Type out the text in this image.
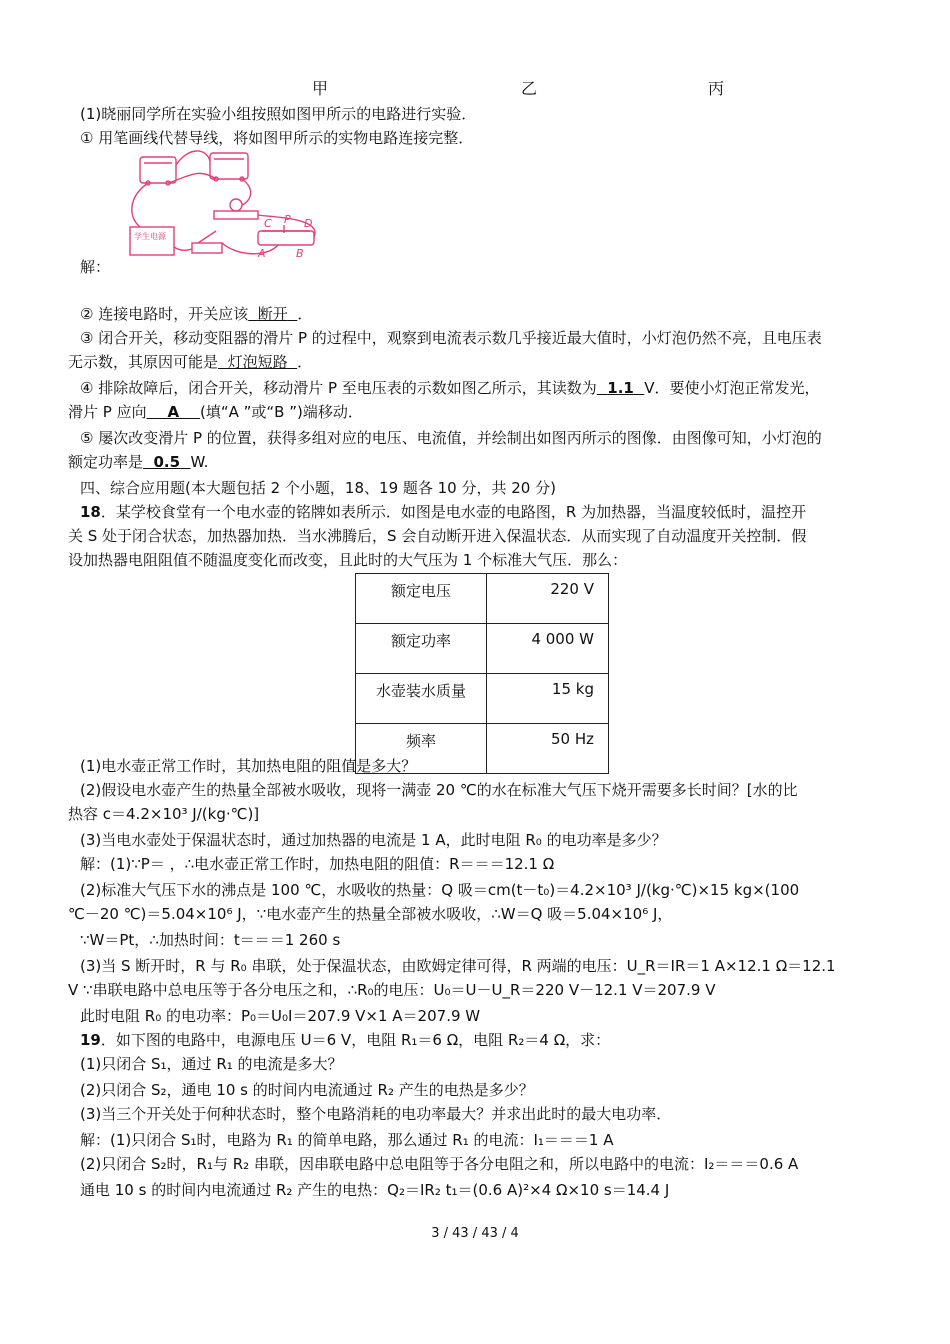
甲	乙	丙
(1)晓丽同学所在实验小组按照如图甲所示的电路进行实验．
① 用笔画线代替导线，将如图甲所示的实物电路连接完整．
C P D
A	B
学生电源
解：
② 连接电路时，开关应该 断开 ．
③ 闭合开关，移动变阻器的滑片 P 的过程中，观察到电流表示数几乎接近最大值时，小灯泡仍然不亮，且电压表
无示数，其原因可能是 灯泡短路 ．
④ 排除故障后，闭合开关，移动滑片 P 至电压表的示数如图乙所示，其读数为 1.1 V．要使小灯泡正常发光，
滑片 P 应向 A (填“A ”或“B ”)端移动．
⑤ 屡次改变滑片 P 的位置，获得多组对应的电压、电流值，并绘制出如图丙所示的图像．由图像可知，小灯泡的
额定功率是 0.5 W.
四、综合应用题(本大题包括 2 个小题，18、19 题各 10 分，共 20 分)
18．某学校食堂有一个电水壶的铭牌如表所示．如图是电水壶的电路图，R 为加热器，当温度较低时，温控开
关 S 处于闭合状态，加热器加热．当水沸腾后，S 会自动断开进入保温状态．从而实现了自动温度开关控制．假
设加热器电阻阻值不随温度变化而改变，且此时的大气压为 1 个标准大气压．那么：
额定电压	220 V
额定功率	4 000 W
水壶装水质量	15 kg
频率	50 Hz
(1)电水壶正常工作时，其加热电阻的阻值是多大？
(2)假设电水壶产生的热量全部被水吸收，现将一满壶 20 ℃的水在标准大气压下烧开需要多长时间？[水的比
热容 c＝4.2×10³ J/(kg·℃)]
(3)当电水壶处于保温状态时，通过加热器的电流是 1 A，此时电阻 R₀ 的电功率是多少？
解：(1)∵P＝ ，∴电水壶正常工作时，加热电阻的阻值：R＝＝＝12.1 Ω
(2)标准大气压下水的沸点是 100 ℃，水吸收的热量：Q 吸＝cm(t－t₀)＝4.2×10³ J/(kg·℃)×15 kg×(100
℃－20 ℃)＝5.04×10⁶ J，∵电水壶产生的热量全部被水吸收，∴W＝Q 吸＝5.04×10⁶ J，
∵W＝Pt，∴加热时间：t＝＝＝1 260 s
(3)当 S 断开时，R 与 R₀ 串联，处于保温状态，由欧姆定律可得，R 两端的电压：U_R＝IR＝1 A×12.1 Ω＝12.1
V ∵串联电路中总电压等于各分电压之和，∴R₀的电压：U₀＝U－U_R＝220 V－12.1 V＝207.9 V
此时电阻 R₀ 的电功率：P₀＝U₀I＝207.9 V×1 A＝207.9 W
19．如下图的电路中，电源电压 U＝6 V，电阻 R₁＝6 Ω，电阻 R₂＝4 Ω，求：
(1)只闭合 S₁，通过 R₁ 的电流是多大？
(2)只闭合 S₂，通电 10 s 的时间内电流通过 R₂ 产生的电热是多少？
(3)当三个开关处于何种状态时，整个电路消耗的电功率最大？并求出此时的最大电功率．
解：(1)只闭合 S₁时，电路为 R₁ 的简单电路，那么通过 R₁ 的电流：I₁＝＝＝1 A
(2)只闭合 S₂时，R₁与 R₂ 串联，因串联电路中总电阻等于各分电阻之和，所以电路中的电流：I₂＝＝＝0.6 A
通电 10 s 的时间内电流通过 R₂ 产生的电热：Q₂＝IR₂ t₁＝(0.6 A)²×4 Ω×10 s＝14.4 J
3 / 43 / 43 / 4
